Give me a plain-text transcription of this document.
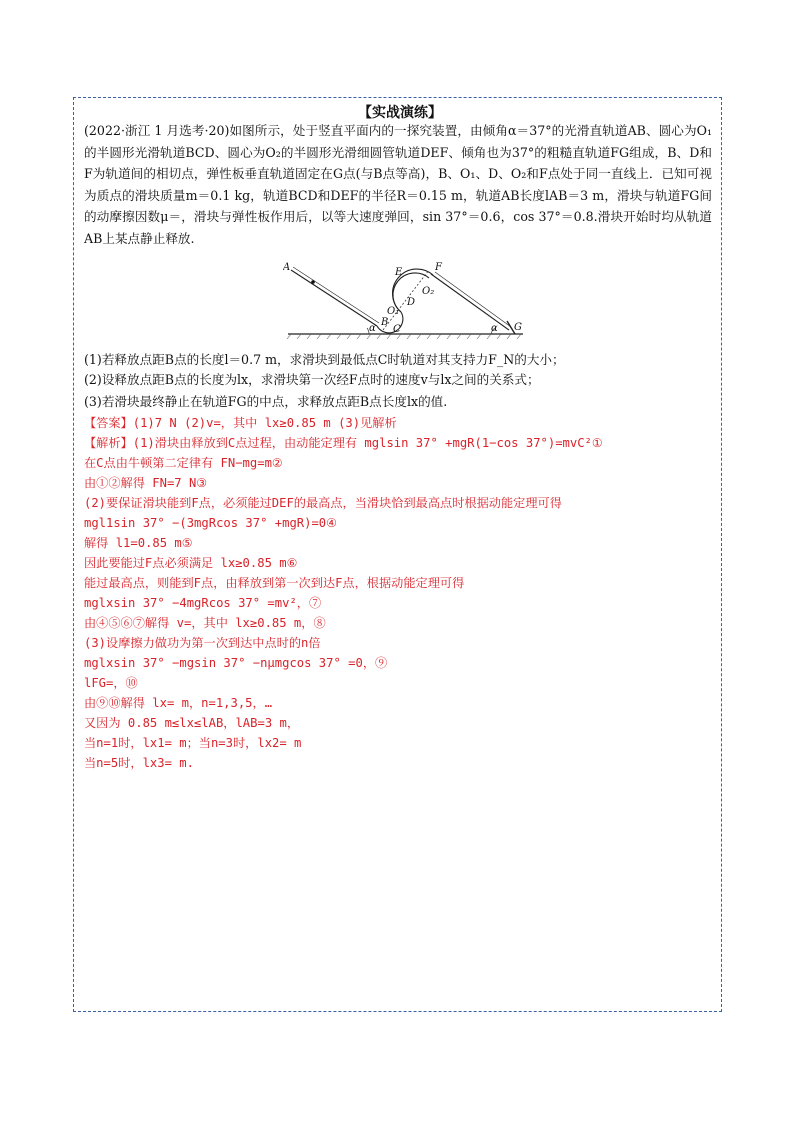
【实战演练】
(2022·浙江 1 月选考·20)如图所示，处于竖直平面内的一探究装置，由倾角α＝37°的光滑直轨道AB、圆心为O₁的半圆形光滑轨道BCD、圆心为O₂的半圆形光滑细圆管轨道DEF、倾角也为37°的粗糙直轨道FG组成，B、D和F为轨道间的相切点，弹性板垂直轨道固定在G点(与B点等高)，B、O₁、D、O₂和F点处于同一直线上．已知可视为质点的滑块质量m＝0.1 kg，轨道BCD和DEF的半径R＝0.15 m，轨道AB长度lAB＝3 m，滑块与轨道FG间的动摩擦因数μ＝，滑块与弹性板作用后，以等大速度弹回，sin 37°＝0.6，cos 37°＝0.8.滑块开始时均从轨道AB上某点静止释放.
A	E	F
O₂
D
O₁
B
C
α	α G
(1)若释放点距B点的长度l＝0.7 m，求滑块到最低点C时轨道对其支持力F_N的大小；
(2)设释放点距B点的长度为lx，求滑块第一次经F点时的速度v与lx之间的关系式；
(3)若滑块最终静止在轨道FG的中点，求释放点距B点长度lx的值.
【答案】(1)7 N (2)v=，其中 lx≥0.85 m (3)见解析
【解析】(1)滑块由释放到C点过程，由动能定理有 mglsin 37° +mgR(1−cos 37°)=mvC²①
在C点由牛顿第二定律有 FN−mg=m②
由①②解得 FN=7 N③
(2)要保证滑块能到F点，必须能过DEF的最高点，当滑块恰到最高点时根据动能定理可得
mgl1sin 37° −(3mgRcos 37° +mgR)=0④
解得 l1=0.85 m⑤
因此要能过F点必须满足 lx≥0.85 m⑥
能过最高点，则能到F点，由释放到第一次到达F点，根据动能定理可得
mglxsin 37° −4mgRcos 37° =mv²，⑦
由④⑤⑥⑦解得 v=，其中 lx≥0.85 m，⑧
(3)设摩擦力做功为第一次到达中点时的n倍
mglxsin 37° −mgsin 37° −nμmgcos 37° =0，⑨
lFG=，⑩
由⑨⑩解得 lx= m，n=1,3,5，…
又因为 0.85 m≤lx≤lAB，lAB=3 m，
当n=1时，lx1= m；当n=3时，lx2= m
当n=5时，lx3= m.
